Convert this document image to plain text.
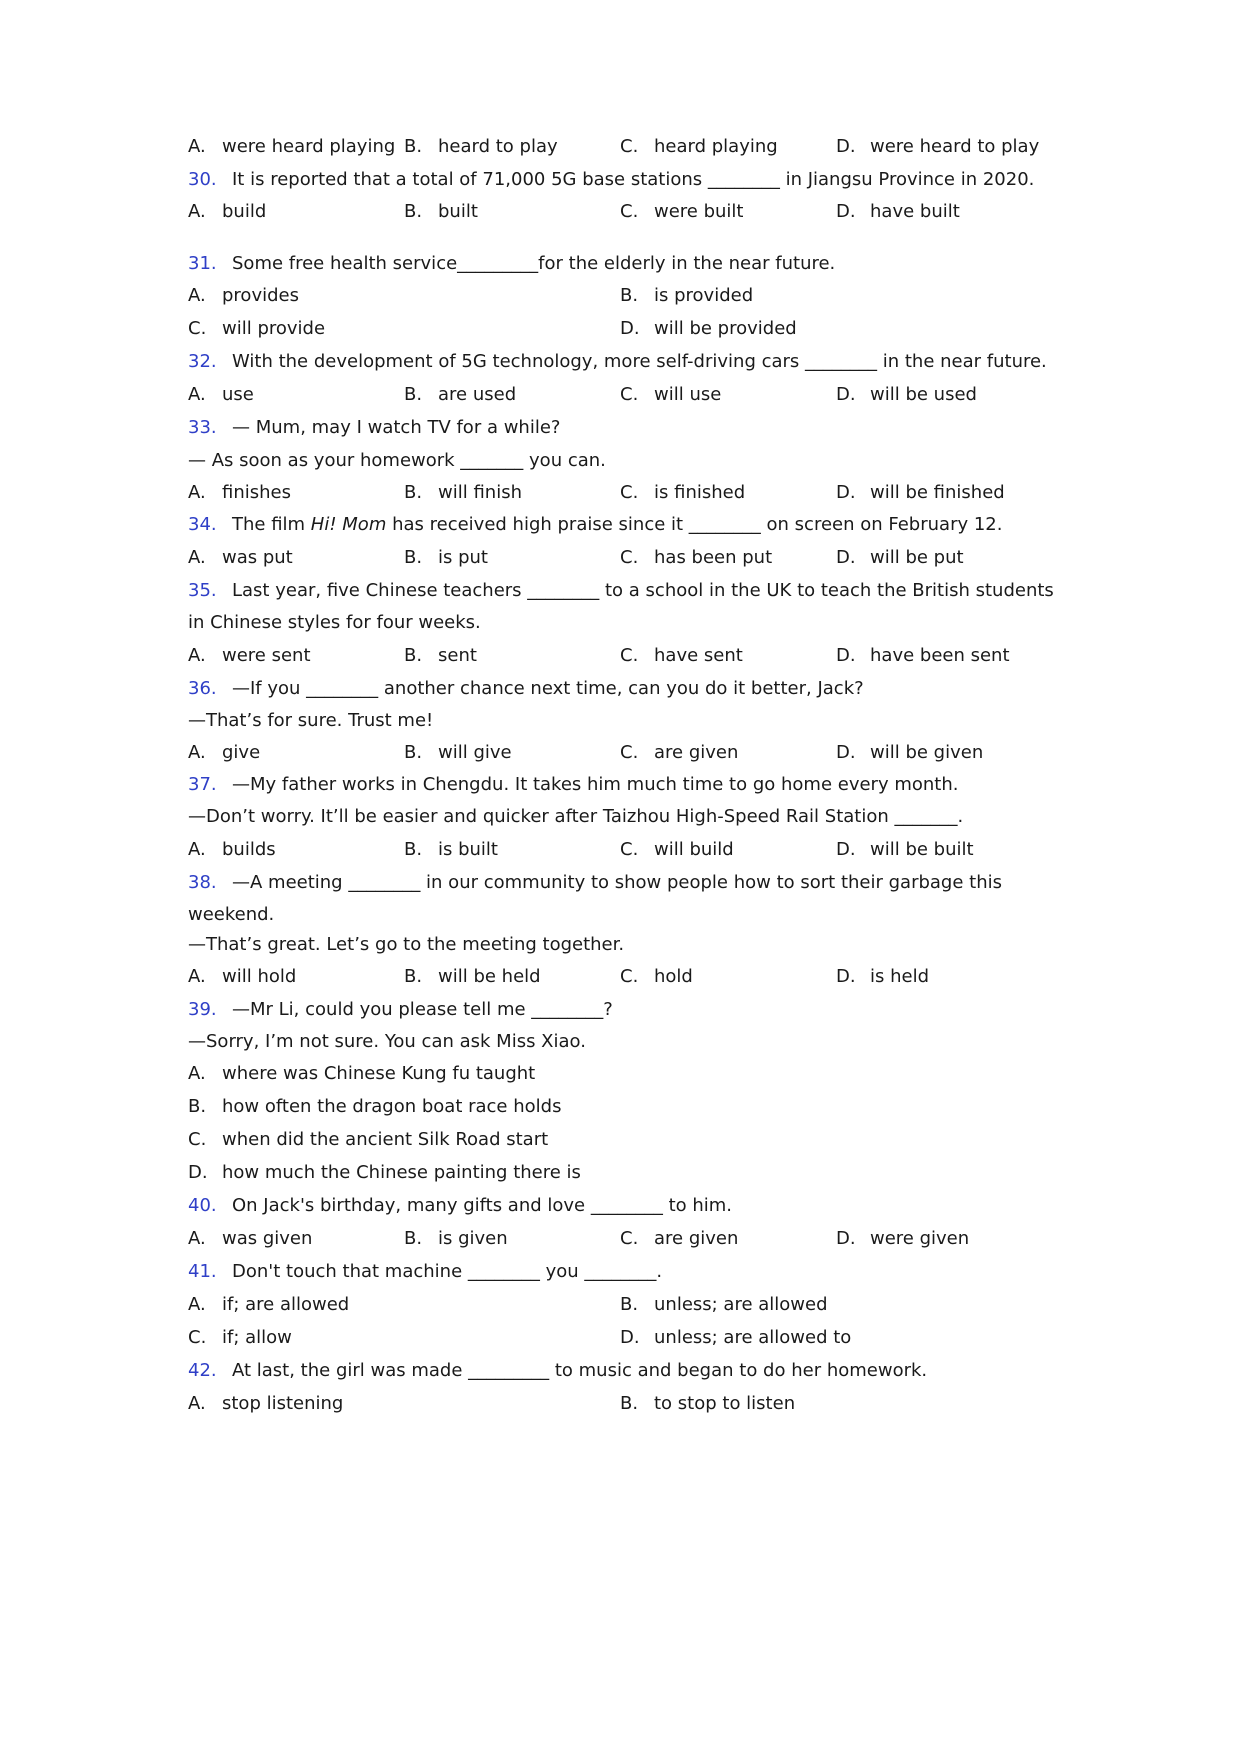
A. were heard playing B. heard to play	C. heard playing	D. were heard to play
30. It is reported that a total of 71,000 5G base stations ________ in Jiangsu Province in 2020.
A. build	B. built	C. were built	D. have built
31. Some free health service_________for the elderly in the near future.
A. provides	B. is provided
C. will provide	D. will be provided
32. With the development of 5G technology, more self-driving cars ________ in the near future.
A. use	B. are used	C. will use	D. will be used
33. — Mum, may I watch TV for a while?
— As soon as your homework _______ you can.
A. finishes	B. will finish	C. is finished	D. will be finished
34. The film Hi! Mom has received high praise since it ________ on screen on February 12.
A. was put	B. is put	C. has been put	D. will be put
35. Last year, five Chinese teachers ________ to a school in the UK to teach the British students
in Chinese styles for four weeks.
A. were sent	B. sent	C. have sent	D. have been sent
36. —If you ________ another chance next time, can you do it better, Jack?
—That’s for sure. Trust me!
A. give	B. will give	C. are given	D. will be given
37. —My father works in Chengdu. It takes him much time to go home every month.
—Don’t worry. It’ll be easier and quicker after Taizhou High-Speed Rail Station _______.
A. builds	B. is built	C. will build	D. will be built
38. —A meeting ________ in our community to show people how to sort their garbage this
weekend.
—That’s great. Let’s go to the meeting together.
A. will hold	B. will be held	C. hold	D. is held
39. —Mr Li, could you please tell me ________?
—Sorry, I’m not sure. You can ask Miss Xiao.
A. where was Chinese Kung fu taught
B. how often the dragon boat race holds
C. when did the ancient Silk Road start
D. how much the Chinese painting there is
40. On Jack's birthday, many gifts and love ________ to him.
A. was given	B. is given	C. are given	D. were given
41. Don't touch that machine ________ you ________.
A. if; are allowed	B. unless; are allowed
C. if; allow	D. unless; are allowed to
42. At last, the girl was made _________ to music and began to do her homework.
A. stop listening	B. to stop to listen
